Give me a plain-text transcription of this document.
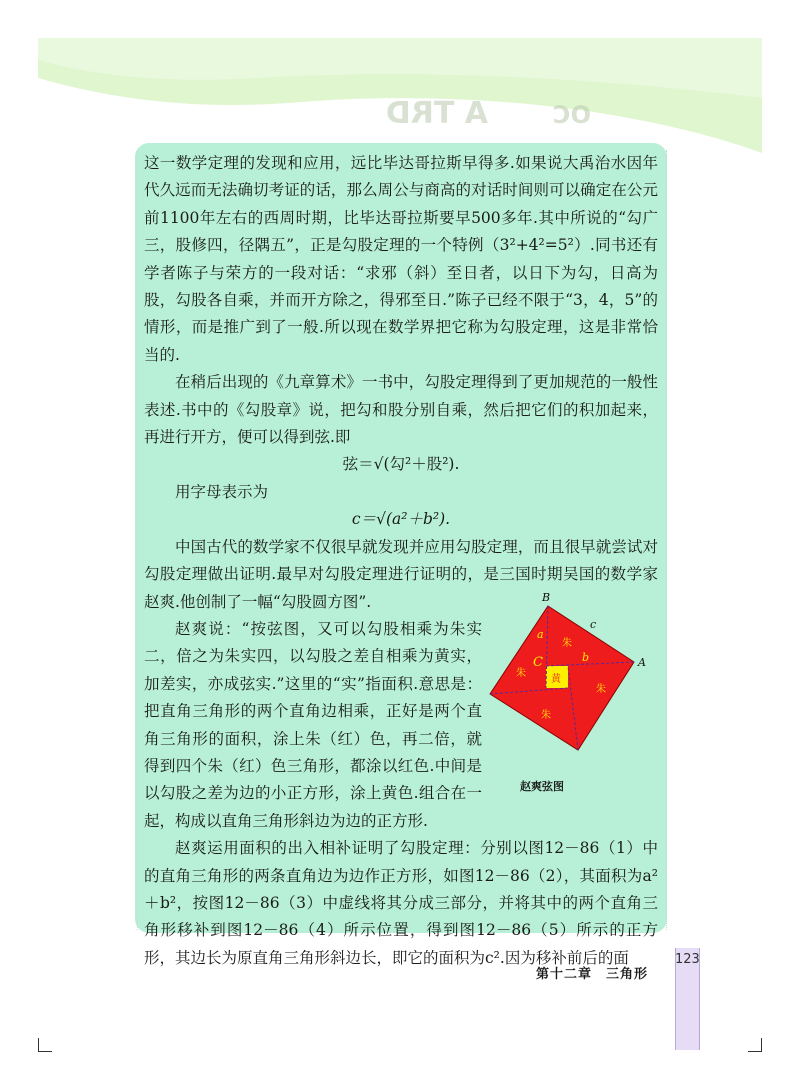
A TRD	ƆO

这一数学定理的发现和应用，远比毕达哥拉斯早得多.如果说大禹治水因年代久远而无法确切考证的话，那么周公与商高的对话时间则可以确定在公元前1100年左右的西周时期，比毕达哥拉斯要早500多年.其中所说的“勾广三，股修四，径隅五”，正是勾股定理的一个特例（3²+4²=5²）.同书还有学者陈子与荣方的一段对话：“求邪（斜）至日者，以日下为勾，日高为股，勾股各自乘，并而开方除之，得邪至日.”陈子已经不限于“3，4，5”的情形，而是推广到了一般.所以现在数学界把它称为勾股定理，这是非常恰当的.

在稍后出现的《九章算术》一书中，勾股定理得到了更加规范的一般性表述.书中的《勾股章》说，把勾和股分别自乘，然后把它们的积加起来，再进行开方，便可以得到弦.即

弦＝√(勾²＋股²).

用字母表示为

c＝√(a²＋b²).

中国古代的数学家不仅很早就发现并应用勾股定理，而且很早就尝试对勾股定理做出证明.最早对勾股定理进行证明的，是三国时期吴国的数学家赵爽.他创制了一幅“勾股圆方图”.

赵爽说：“按弦图，又可以勾股相乘为朱实二，倍之为朱实四，以勾股之差自相乘为黄实，加差实，亦成弦实.”这里的“实”指面积.意思是：把直角三角形的两个直角边相乘，正好是两个直角三角形的面积，涂上朱（红）色，再二倍，就得到四个朱（红）色三角形，都涂以红色.中间是以勾股之差为边的小正方形，涂上黄色.组合在一起，构成以直角三角形斜边为边的正方形.

赵爽运用面积的出入相补证明了勾股定理：分别以图12－86（1）中的直角三角形的两条直角边为边作正方形，如图12－86（2），其面积为a²＋b²，按图12－86（3）中虚线将其分成三部分，并将其中的两个直角三角形移补到图12－86（4）所示位置，得到图12－86（5）所示的正方形，其边长为原直角三角形斜边长，即它的面积为c².因为移补前后的面

朱
朱
朱
朱
黄
B
A
c
a
b
C
赵爽弦图
第十二章　三角形
123
